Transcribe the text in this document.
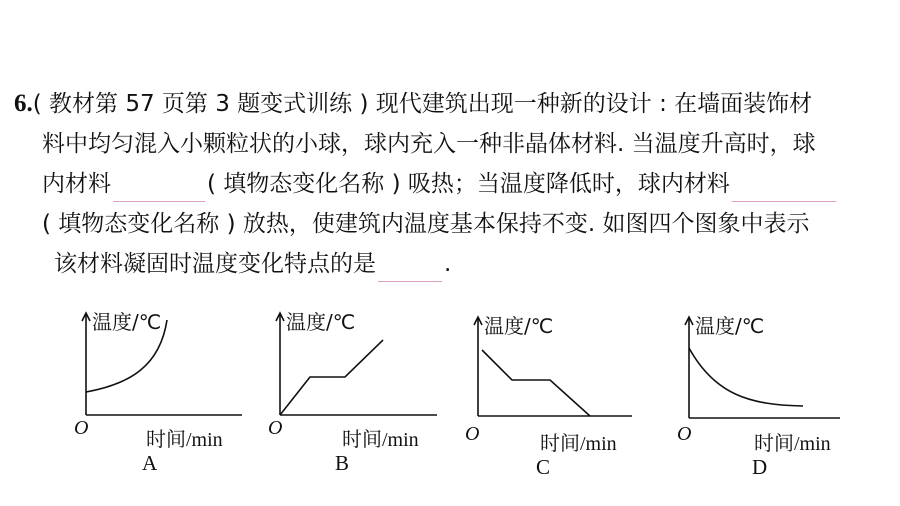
6.( 教材第 57 页第 3 题变式训练 ) 现代建筑出现一种新的设计 : 在墙面装饰材
料中均匀混入小颗粒状的小球，球内充入一种非晶体材料. 当温度升高时，球
内材料	( 填物态变化名称 ) 吸热；当温度降低时，球内材料
( 填物态变化名称 ) 放热，使建筑内温度基本保持不变. 如图四个图象中表示
该材料凝固时温度变化特点的是	.
温度/℃
O
时间/min
A
温度/℃
O
时间/min
B
温度/℃
O	时间/min
C
温度/℃
O	时间/min
D
